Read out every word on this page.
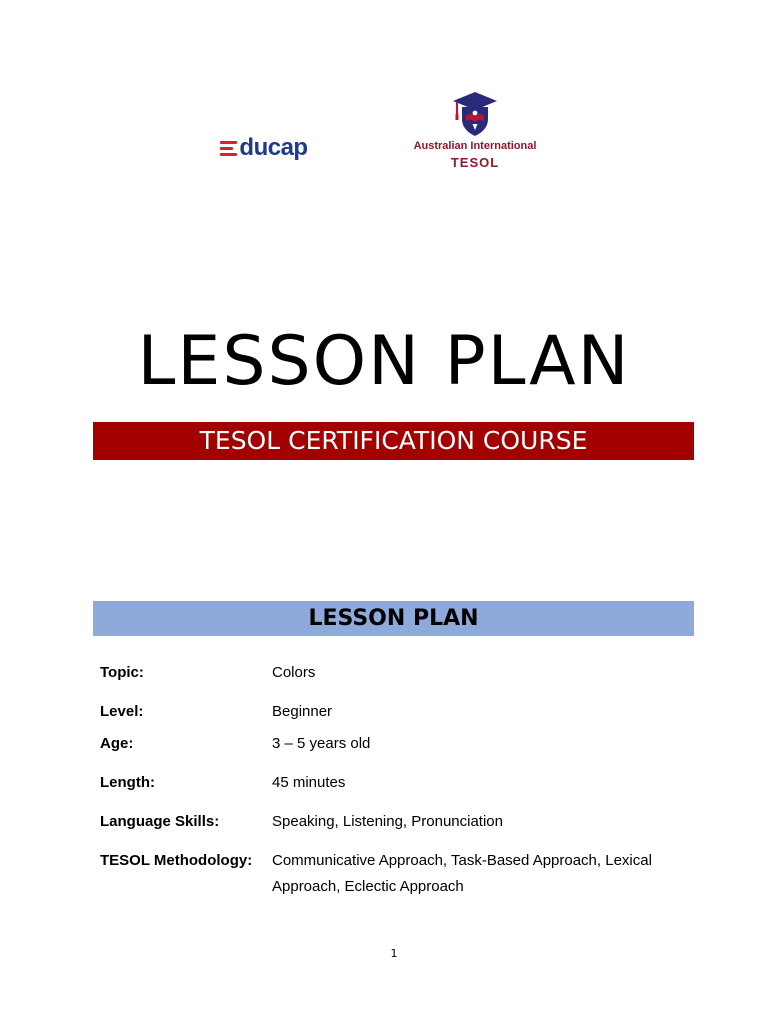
ducap	Australian International
TESOL
LESSON PLAN
TESOL CERTIFICATION COURSE
LESSON PLAN
Topic:	Colors
Level:	Beginner
Age:	3 – 5 years old
Length:	45 minutes
Language Skills:	Speaking, Listening, Pronunciation
TESOL Methodology:	Communicative Approach, Task-Based Approach, Lexical Approach, Eclectic Approach
1
